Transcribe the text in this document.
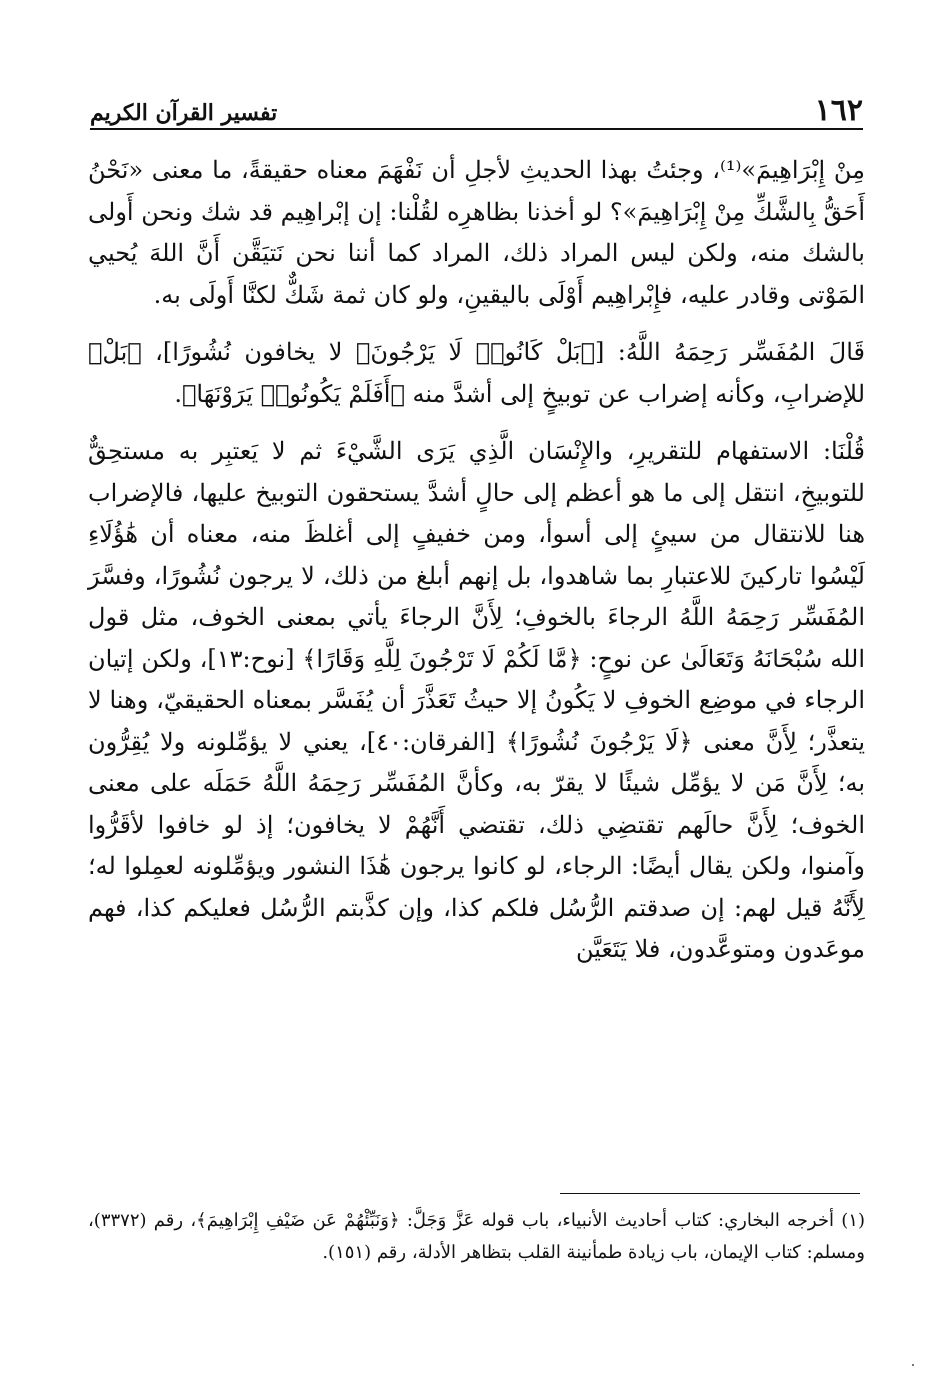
١٦٢
تفسير القرآن الكريم

مِنْ إِبْرَاهِيمَ»⁽¹⁾، وجئتُ بهذا الحديثِ لأجلِ أن نَفْهَمَ معناه حقيقةً، ما معنى «نَحْنُ أَحَقُّ بِالشَّكِّ مِنْ إِبْرَاهِيمَ»؟ لو أخذنا بظاهرِه لقُلْنا: إن إبْراهِيم قد شك ونحن أَولى بالشك منه، ولكن ليس المراد ذلك، المراد كما أننا نحن نَتيَقَّن أَنَّ اللهَ يُحيي المَوْتى وقادر عليه، فإِبْراهِيم أَوْلَى باليقينِ، ولو كان ثمة شَكٌّ لكنَّا أَولَى به.

قَالَ المُفَسِّر رَحِمَهُ اللَّهُ: [﴿بَلْ كَانُوا۟ لَا يَرْجُونَ﴾ لا يخافون نُشُورًا]، ﴿بَلْ﴾ للإضرابِ، وكأنه إضراب عن توبيخٍ إلى أشدَّ منه ﴿أَفَلَمْ يَكُونُوا۟ يَرَوْنَهَا﴾.

قُلْنَا: الاستفهام للتقريرِ، والإِنْسَان الَّذِي يَرَى الشَّيْءَ ثم لا يَعتبِر به مستحِقٌّ للتوبيخِ، انتقل إلى ما هو أعظم إلى حالٍ أشدَّ يستحقون التوبيخ عليها، فالإضراب هنا للانتقال من سيئٍ إلى أسوأ، ومن خفيفٍ إلى أغلظَ منه، معناه أن هَٰؤُلَاءِ لَيْسُوا تاركينَ للاعتبارِ بما شاهدوا، بل إنهم أبلغ من ذلك، لا يرجون نُشُورًا، وفسَّرَ المُفَسِّر رَحِمَهُ اللَّهُ الرجاءَ بالخوفِ؛ لِأَنَّ الرجاءَ يأتي بمعنى الخوف، مثل قول الله سُبْحَانَهُ وَتَعَالَىٰ عن نوحٍ: ﴿مَّا لَكُمْ لَا تَرْجُونَ لِلَّهِ وَقَارًا﴾ [نوح:١٣]، ولكن إتيان الرجاء في موضِع الخوفِ لا يَكُونُ إلا حيثُ تَعَذَّرَ أن يُفَسَّر بمعناه الحقيقيّ، وهنا لا يتعذَّر؛ لِأَنَّ معنى ﴿لَا يَرْجُونَ نُشُورًا﴾ [الفرقان:٤٠]، يعني لا يؤمِّلونه ولا يُقِرُّون به؛ لِأَنَّ مَن لا يؤمِّل شيئًا لا يقرّ به، وكأنَّ المُفَسِّر رَحِمَهُ اللَّهُ حَمَلَه على معنى الخوف؛ لِأَنَّ حالَهم تقتضِي ذلك، تقتضي أَنَّهُمْ لا يخافون؛ إذ لو خافوا لأقَرُّوا وآمنوا، ولكن يقال أيضًا: الرجاء، لو كانوا يرجون هَٰذَا النشور ويؤمِّلونه لعمِلوا له؛ لِأَنَّهُ قيل لهم: إن صدقتم الرُّسُل فلكم كذا، وإن كذَّبتم الرُّسُل فعليكم كذا، فهم موعَدون ومتوعَّدون، فلا يَتَعَيَّن

(١) أخرجه البخاري: كتاب أحاديث الأنبياء، باب قوله عَزَّ وَجَلَّ: ﴿وَنَبِّئْهُمْ عَن ضَيْفِ إِبْرَاهِيمَ﴾، رقم (٣٣٧٢)، ومسلم: كتاب الإيمان، باب زيادة طمأنينة القلب بتظاهر الأدلة، رقم (١٥١).
